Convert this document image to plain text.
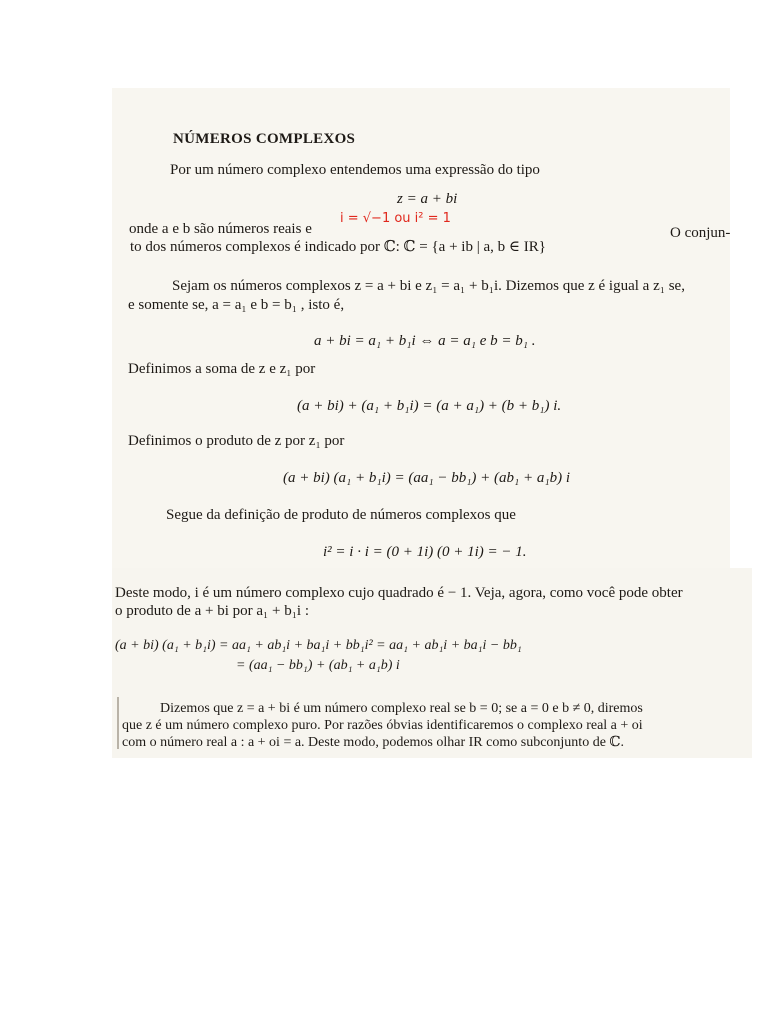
NÚMEROS COMPLEXOS
Por um número complexo entendemos uma expressão do tipo
z = a + bi
onde a e b são números reais e
i = √−1 ou i² = 1
O conjun-
to dos números complexos é indicado por ℂ: ℂ = {a + ib | a, b ∈ IR}
Sejam os números complexos z = a + bi e z₁ = a₁ + b₁i. Dizemos que z é igual a z₁ se,
e somente se, a = a₁ e b = b₁ , isto é,
a + bi = a₁ + b₁i ⇔ a = a₁ e b = b₁ .
Definimos a soma de z e z₁ por
(a + bi) + (a₁ + b₁i) = (a + a₁) + (b + b₁) i.
Definimos o produto de z por z₁ por
(a + bi) (a₁ + b₁i) = (aa₁ − bb₁) + (ab₁ + a₁b) i
Segue da definição de produto de números complexos que
i² = i · i = (0 + 1i) (0 + 1i) = − 1.
Deste modo, i é um número complexo cujo quadrado é − 1. Veja, agora, como você pode obter
o produto de a + bi por a₁ + b₁i :
(a + bi) (a₁ + b₁i) = aa₁ + ab₁i + ba₁i + bb₁i² = aa₁ + ab₁i + ba₁i − bb₁
= (aa₁ − bb₁) + (ab₁ + a₁b) i
Dizemos que z = a + bi é um número complexo real se b = 0; se a = 0 e b ≠ 0, diremos
que z é um número complexo puro. Por razões óbvias identificaremos o complexo real a + oi
com o número real a : a + oi = a. Deste modo, podemos olhar IR como subconjunto de ℂ.
